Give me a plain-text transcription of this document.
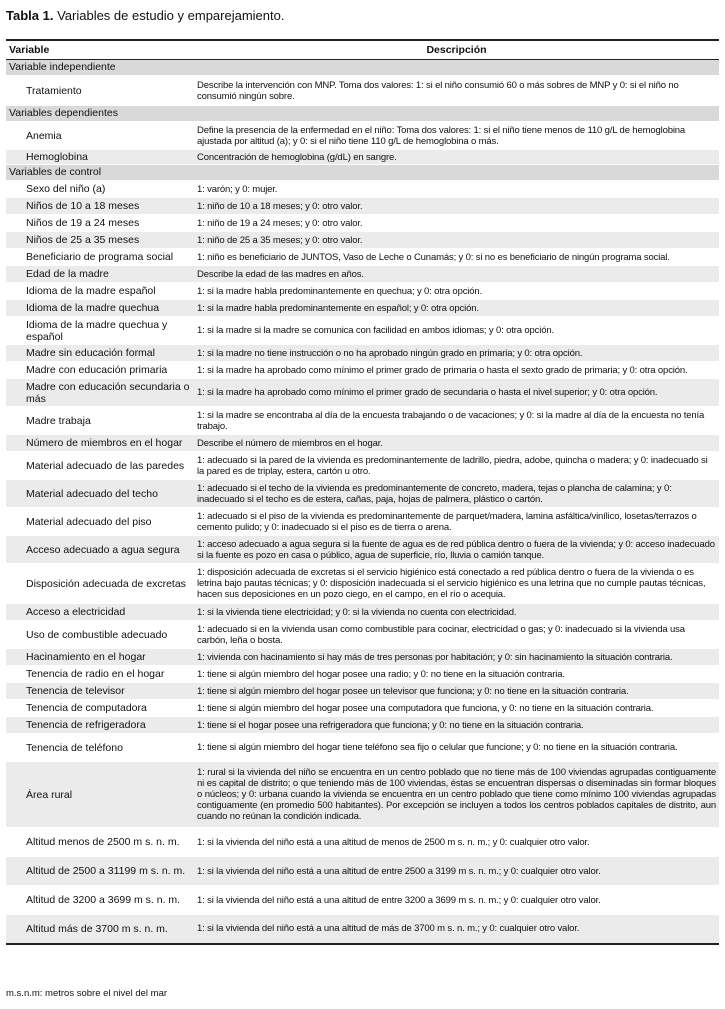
Tabla 1. Variables de estudio y emparejamiento.
Variable	Descripción
Variable independiente	
Tratamiento	Describe la intervención con MNP. Toma dos valores: 1: si el niño consumió 60 o más sobres de MNP y 0: si el niño no consumió ningún sobre.
Variables dependientes	
Anemia	Define la presencia de la enfermedad en el niño: Toma dos valores: 1: si el niño tiene menos de 110 g/L de hemoglobina ajustada por altitud (a); y 0: si el niño tiene 110 g/L de hemoglobina o más.
Hemoglobina	Concentración de hemoglobina (g/dL) en sangre.
Variables de control	
Sexo del niño (a)	1: varón; y 0: mujer.
Niños de 10 a 18 meses	1: niño de 10 a 18 meses; y 0: otro valor.
Niños de 19 a 24 meses	1: niño de 19 a 24 meses; y 0: otro valor.
Niños de 25 a 35 meses	1: niño de 25 a 35 meses; y 0: otro valor.
Beneficiario de programa social	1: niño es beneficiario de JUNTOS, Vaso de Leche o Cunamás; y 0: si no es beneficiario de ningún programa social.
Edad de la madre	Describe la edad de las madres en años.
Idioma de la madre español	1: si la madre habla predominantemente en quechua; y 0: otra opción.
Idioma de la madre quechua	1: si la madre habla predominantemente en español; y 0: otra opción.
Idioma de la madre quechua y español	1: si la madre si la madre se comunica con facilidad en ambos idiomas; y 0: otra opción.
Madre sin educación formal	1: si la madre no tiene instrucción o no ha aprobado ningún grado en primaria; y 0: otra opción.
Madre con educación primaria	1: si la madre ha aprobado como mínimo el primer grado de primaria o hasta el sexto grado de primaria; y 0: otra opción.
Madre con educación secundaria o más	1: si la madre ha aprobado como mínimo el primer grado de secundaria o hasta el nivel superior; y 0: otra opción.
Madre trabaja	1: si la madre se encontraba al día de la encuesta trabajando o de vacaciones; y 0: si la madre al día de la encuesta no tenía trabajo.
Número de miembros en el hogar	Describe el número de miembros en el hogar.
Material adecuado de las paredes	1: adecuado si la pared de la vivienda es predominantemente de ladrillo, piedra, adobe, quincha o madera; y 0: inadecuado si la pared es de triplay, estera, cartón u otro.
Material adecuado del techo	1: adecuado si el techo de la vivienda es predominantemente de concreto, madera, tejas o plancha de calamina; y 0: inadecuado si el techo es de estera, cañas, paja, hojas de palmera, plástico o cartón.
Material adecuado del piso	1: adecuado si el piso de la vivienda es predominantemente de parquet/madera, lamina asfáltica/vinílico, losetas/terrazos o cemento pulido; y 0: inadecuado si el piso es de tierra o arena.
Acceso adecuado a agua segura	1: acceso adecuado a agua segura si la fuente de agua es de red pública dentro o fuera de la vivienda; y 0: acceso inadecuado si la fuente es pozo en casa o público, agua de superficie, río, lluvia o camión tanque.
Disposición adecuada de excretas	1: disposición adecuada de excretas si el servicio higiénico está conectado a red pública dentro o fuera de la vivienda o es letrina bajo pautas técnicas; y 0: disposición inadecuada si el servicio higiénico es una letrina que no cumple pautas técnicas, hacen sus deposiciones en un pozo ciego, en el campo, en el río o acequia.
Acceso a electricidad	1: si la vivienda tiene electricidad; y 0: si la vivienda no cuenta con electricidad.
Uso de combustible adecuado	1: adecuado si en la vivienda usan como combustible para cocinar, electricidad o gas; y 0: inadecuado si la vivienda usa carbón, leña o bosta.
Hacinamiento en el hogar	1: vivienda con hacinamiento si hay más de tres personas por habitación; y 0: sin hacinamiento la situación contraria.
Tenencia de radio en el hogar	1: tiene si algún miembro del hogar posee una radio; y 0: no tiene en la situación contraria.
Tenencia de televisor	1: tiene si algún miembro del hogar posee un televisor que funciona; y 0: no tiene en la situación contraria.
Tenencia de computadora	1: tiene si algún miembro del hogar posee una computadora que funciona, y 0: no tiene en la situación contraria.
Tenencia de refrigeradora	1: tiene si el hogar posee una refrigeradora que funciona; y 0: no tiene en la situación contraria.
Tenencia de teléfono	1: tiene si algún miembro del hogar tiene teléfono sea fijo o celular que funcione; y 0: no tiene en la situación contraria.
Área rural	1: rural si la vivienda del niño se encuentra en un centro poblado que no tiene más de 100 viviendas agrupadas contiguamente ni es capital de distrito; o que teniendo más de 100 viviendas, éstas se encuentran dispersas o diseminadas sin formar bloques o núcleos; y 0: urbana cuando la vivienda se encuentra en un centro poblado que tiene como mínimo 100 viviendas agrupadas contiguamente (en promedio 500 habitantes). Por excepción se incluyen a todos los centros poblados capitales de distrito, aun cuando no reúnan la condición indicada.
Altitud menos de 2500 m s. n. m.	1: si la vivienda del niño está a una altitud de menos de 2500 m s. n. m.; y 0: cualquier otro valor.
Altitud de 2500 a 31199 m s. n. m.	1: si la vivienda del niño está a una altitud de entre 2500 a 3199 m s. n. m.; y 0: cualquier otro valor.
Altitud de 3200 a 3699 m s. n. m.	1: si la vivienda del niño está a una altitud de entre 3200 a 3699 m s. n. m.; y 0: cualquier otro valor.
Altitud más de 3700 m s. n. m.	1: si la vivienda del niño está a una altitud de más de 3700 m s. n. m.; y 0: cualquier otro valor.
m.s.n.m: metros sobre el nivel del mar
